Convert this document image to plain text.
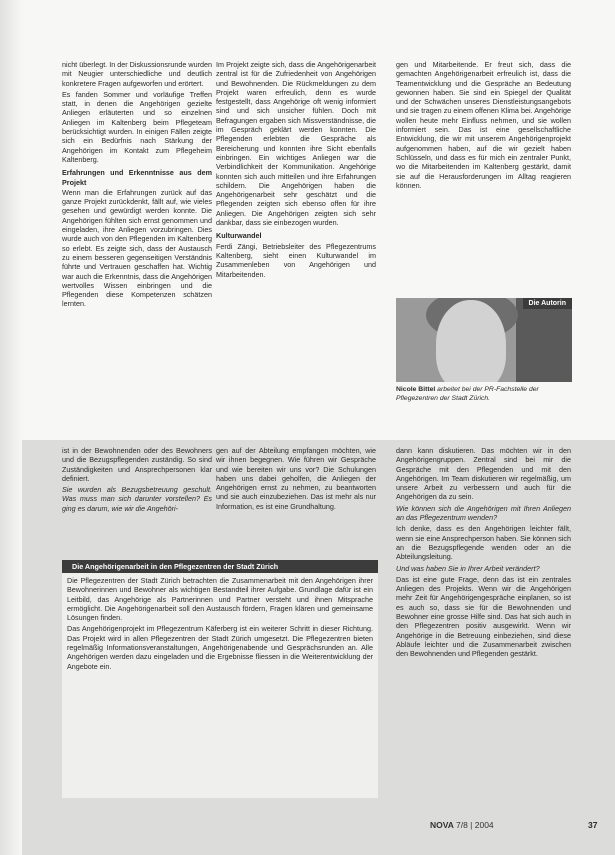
nicht überlegt. In der Diskussionsrunde wurden mit Neugier unterschiedliche und deutlich konkretere Fragen aufgeworfen und erörtert.

Es fanden Sommer und vorläufige Treffen statt, in denen die Angehörigen gezielte Anliegen erläuterten und so einzelnen Anliegen im Kaltenberg beim Pflegeteam berücksichtigt wurden. In einigen Fällen zeigte sich ein Bedürfnis nach Stärkung der Angehörigen im Kontakt zum Pflegeheim Kaltenberg.

Erfahrungen und Erkenntnisse aus dem Projekt

Wenn man die Erfahrungen zurück auf das ganze Projekt zurückdenkt, fällt auf, wie vieles gesehen und gewürdigt werden konnte. Die Angehörigen fühlten sich ernst genommen und eingeladen, ihre Anliegen vorzubringen. Dies wurde auch von den Pflegenden im Kaltenberg so erlebt. Es zeigte sich, dass der Austausch zu einem besseren gegenseitigen Verständnis führte und Vertrauen geschaffen hat. Wichtig war auch die Erkenntnis, dass die Angehörigen wertvolles Wissen einbringen und die Pflegenden diese Kompetenzen schätzen lernten.

Im Projekt zeigte sich, dass die Angehörigenarbeit zentral ist für die Zufriedenheit von Angehörigen und Bewohnenden. Die Rückmeldungen zu dem Projekt waren erfreulich, denn es wurde festgestellt, dass Angehörige oft wenig informiert sind und sich unsicher fühlen. Doch mit Befragungen ergaben sich Missverständnisse, die im Gespräch geklärt werden konnten. Die Pflegenden erlebten die Gespräche als Bereicherung und konnten ihre Sicht ebenfalls einbringen. Ein wichtiges Anliegen war die Verbindlichkeit der Kommunikation. Angehörige konnten sich auch mitteilen und ihre Erfahrungen schildern. Die Angehörigen haben die Angehörigenarbeit sehr geschätzt und die Pflegenden zeigten sich ebenso offen für ihre Anliegen. Die Angehörigen zeigten sich sehr dankbar, dass sie einbezogen wurden.

Kulturwandel

Ferdi Zängi, Betriebsleiter des Pflegezentrums Kaltenberg, sieht einen Kulturwandel im Zusammenleben von Angehörigen und Mitarbeitenden.

gen und Mitarbeitende. Er freut sich, dass die gemachten Angehörigenarbeit erfreulich ist, dass die Teamentwicklung und die Gespräche an Bedeutung gewonnen haben. Sie sind ein Spiegel der Qualität und der Schwächen unseres Dienstleistungsangebots und sie tragen zu einem offenen Klima bei. Angehörige wollen heute mehr Einfluss nehmen, und sie wollen informiert sein. Das ist eine gesellschaftliche Entwicklung, die wir mit unserem Angehörigenprojekt aufgenommen haben, auf die wir gezielt haben Schlüsseln, und dass es für mich ein zentraler Punkt, wo die Mitarbeitenden im Kaltenberg gestärkt, damit sie auf die Herausforderungen im Alltag reagieren können.

Die Autorin
Nicole Bittel arbeitet bei der PR-Fachstelle der Pflegezentren der Stadt Zürich.

ist in der Bewohnenden oder des Bewohners und die Bezugspflegenden zuständig. So sind Zuständigkeiten und Ansprechpersonen klar definiert.

Sie wurden als Bezugsbetreuung geschult. Was muss man sich darunter vorstellen? Es ging es darum, wie wir die Angehöri-

gen auf der Abteilung empfangen möchten, wie wir ihnen begegnen. Wie führen wir Gespräche und wie bereiten wir uns vor? Die Schulungen haben uns dabei geholfen, die Anliegen der Angehörigen ernst zu nehmen, zu beantworten und sie auch einzubeziehen. Das ist mehr als nur Information, es ist eine Grundhaltung.

dann kann diskutieren. Das möchten wir in den Angehörigengruppen. Zentral sind bei mir die Gespräche mit den Pflegenden und mit den Angehörigen. Im Team diskutieren wir regelmäßig, um unsere Arbeit zu verbessern und auch für die Angehörigen da zu sein.

Wie können sich die Angehörigen mit Ihren Anliegen an das Pflegezentrum wenden?

Ich denke, dass es den Angehörigen leichter fällt, wenn sie eine Ansprechperson haben. Sie können sich an die Bezugspflegende wenden oder an die Abteilungsleitung.

Und was haben Sie in Ihrer Arbeit verändert?

Das ist eine gute Frage, denn das ist ein zentrales Anliegen des Projekts. Wenn wir die Angehörigen mehr Zeit für Angehörigengespräche einplanen, so ist es auch so, dass sie für die Bewohnenden und Bewohner eine grosse Hilfe sind. Das hat sich auch in den Pflegezentren positiv ausgewirkt. Wenn wir Angehörige in die Betreuung einbeziehen, sind diese Abläufe leichter und die Zusammenarbeit zwischen den Bewohnenden und Pflegenden gestärkt.

Die Angehörigenarbeit in den Pflegezentren der Stadt Zürich

Die Pflegezentren der Stadt Zürich betrachten die Zusammenarbeit mit den Angehörigen ihrer Bewohnerinnen und Bewohner als wichtigen Bestandteil ihrer Aufgabe. Grundlage dafür ist ein Leitbild, das Angehörige als Partnerinnen und Partner versteht und ihnen Mitsprache ermöglicht. Die Angehörigenarbeit soll den Austausch fördern, Fragen klären und gemeinsame Lösungen finden.

Das Angehörigenprojekt im Pflegezentrum Käferberg ist ein weiterer Schritt in dieser Richtung. Das Projekt wird in allen Pflegezentren der Stadt Zürich umgesetzt. Die Pflegezentren bieten regelmäßig Informationsveranstaltungen, Angehörigenabende und Gesprächsrunden an. Alle Angehörigen werden dazu eingeladen und die Ergebnisse fliessen in die Weiterentwicklung der Angebote ein.

NOVA 7/8 | 2004	37
